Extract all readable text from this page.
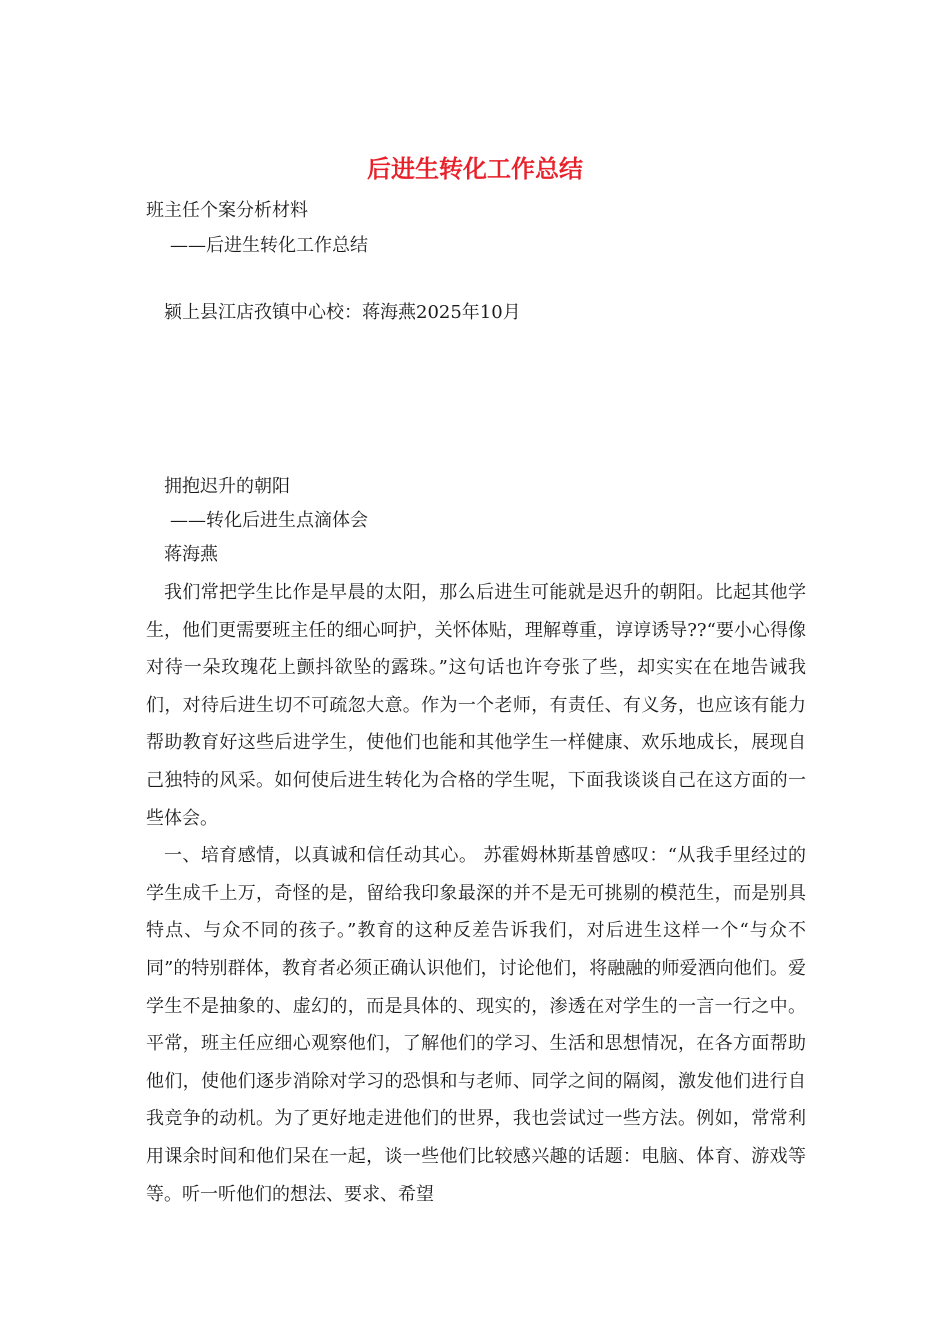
后进生转化工作总结
班主任个案分析材料
——后进生转化工作总结
颍上县江店孜镇中心校：蒋海燕2025年10月
拥抱迟升的朝阳
——转化后进生点滴体会
蒋海燕

我们常把学生比作是早晨的太阳，那么后进生可能就是迟升的朝阳。比起其他学生，他们更需要班主任的细心呵护，关怀体贴，理解尊重，谆谆诱导??“要小心得像对待一朵玫瑰花上颤抖欲坠的露珠。”这句话也许夸张了些，却实实在在地告诫我们，对待后进生切不可疏忽大意。作为一个老师，有责任、有义务，也应该有能力帮助教育好这些后进学生，使他们也能和其他学生一样健康、欢乐地成长，展现自己独特的风采。如何使后进生转化为合格的学生呢，下面我谈谈自己在这方面的一些体会。

一、培育感情，以真诚和信任动其心。 苏霍姆林斯基曾感叹：“从我手里经过的学生成千上万，奇怪的是，留给我印象最深的并不是无可挑剔的模范生，而是别具特点、与众不同的孩子。”教育的这种反差告诉我们，对后进生这样一个“与众不同”的特别群体，教育者必须正确认识他们，讨论他们，将融融的师爱洒向他们。爱学生不是抽象的、虚幻的，而是具体的、现实的，渗透在对学生的一言一行之中。平常，班主任应细心观察他们，了解他们的学习、生活和思想情况，在各方面帮助他们，使他们逐步消除对学习的恐惧和与老师、同学之间的隔阂，激发他们进行自我竞争的动机。为了更好地走进他们的世界，我也尝试过一些方法。例如，常常利用课余时间和他们呆在一起，谈一些他们比较感兴趣的话题：电脑、体育、游戏等等。听一听他们的想法、要求、希望
